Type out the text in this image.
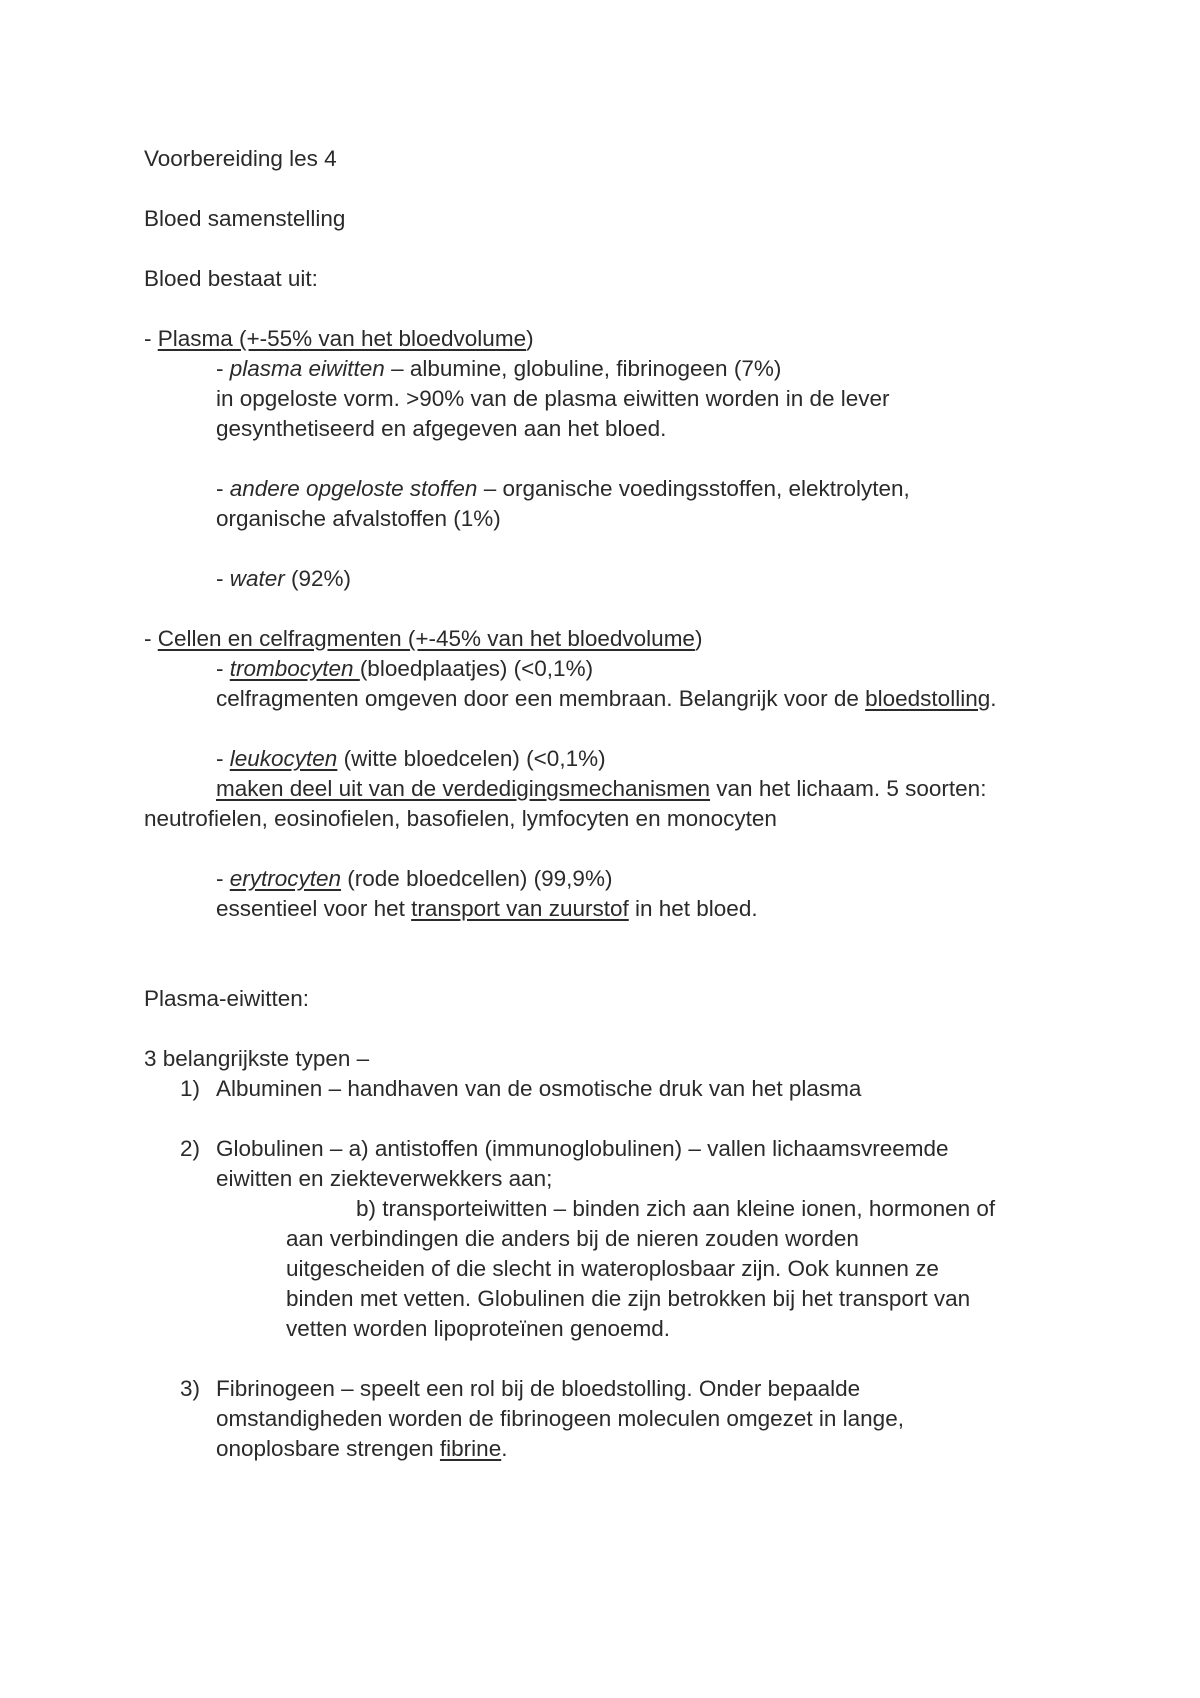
Voorbereiding les 4
Bloed samenstelling
Bloed bestaat uit:
- Plasma (+-55% van het bloedvolume)
- plasma eiwitten – albumine, globuline, fibrinogeen (7%)
in opgeloste vorm. >90% van de plasma eiwitten worden in de lever
gesynthetiseerd en afgegeven aan het bloed.
- andere opgeloste stoffen – organische voedingsstoffen, elektrolyten,
organische afvalstoffen (1%)
- water (92%)
- Cellen en celfragmenten (+-45% van het bloedvolume)
- trombocyten (bloedplaatjes) (<0,1%)
celfragmenten omgeven door een membraan. Belangrijk voor de bloedstolling.
- leukocyten (witte bloedcelen) (<0,1%)
maken deel uit van de verdedigingsmechanismen van het lichaam. 5 soorten:
neutrofielen, eosinofielen, basofielen, lymfocyten en monocyten
- erytrocyten (rode bloedcellen) (99,9%)
essentieel voor het transport van zuurstof in het bloed.
Plasma-eiwitten:
3 belangrijkste typen –
1) Albuminen – handhaven van de osmotische druk van het plasma
2) Globulinen – a) antistoffen (immunoglobulinen) – vallen lichaamsvreemde
eiwitten en ziekteverwekkers aan;
b) transporteiwitten – binden zich aan kleine ionen, hormonen of
aan verbindingen die anders bij de nieren zouden worden
uitgescheiden of die slecht in wateroplosbaar zijn. Ook kunnen ze
binden met vetten. Globulinen die zijn betrokken bij het transport van
vetten worden lipoproteïnen genoemd.
3) Fibrinogeen – speelt een rol bij de bloedstolling. Onder bepaalde
omstandigheden worden de fibrinogeen moleculen omgezet in lange,
onoplosbare strengen fibrine.
